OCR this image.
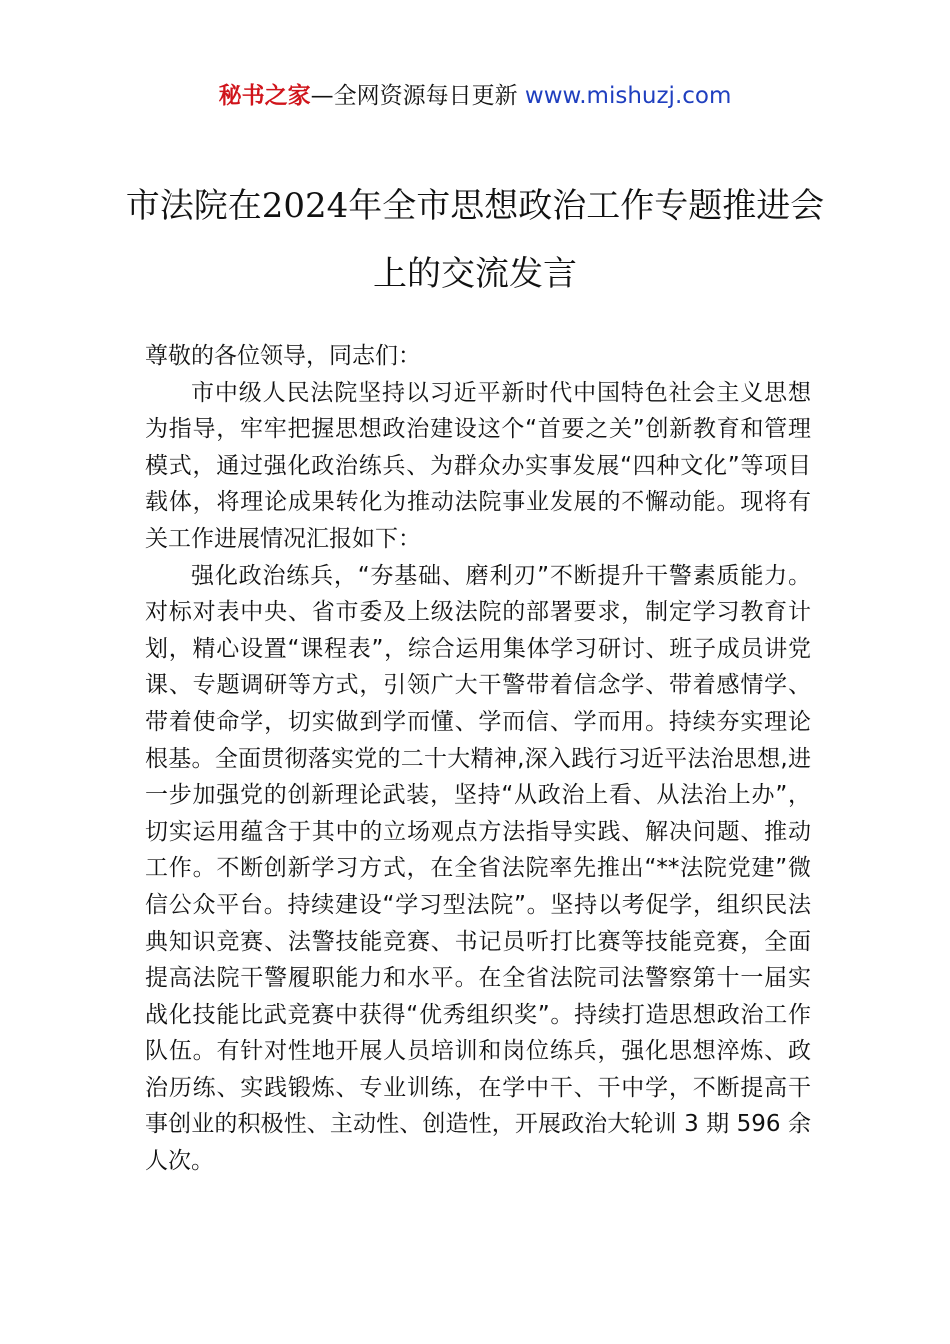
秘书之家—全网资源每日更新 www.mishuzj.com
市法院在2024年全市思想政治工作专题推进会上的交流发言

尊敬的各位领导，同志们：

市中级人民法院坚持以习近平新时代中国特色社会主义思想为指导，牢牢把握思想政治建设这个“首要之关”创新教育和管理模式，通过强化政治练兵、为群众办实事发展“四种文化”等项目载体，将理论成果转化为推动法院事业发展的不懈动能。现将有关工作进展情况汇报如下：

强化政治练兵，“夯基础、磨利刃”不断提升干警素质能力。对标对表中央、省市委及上级法院的部署要求，制定学习教育计划，精心设置“课程表”，综合运用集体学习研讨、班子成员讲党课、专题调研等方式，引领广大干警带着信念学、带着感情学、带着使命学，切实做到学而懂、学而信、学而用。持续夯实理论根基。全面贯彻落实党的二十大精神,深入践行习近平法治思想,进一步加强党的创新理论武装，坚持“从政治上看、从法治上办”，切实运用蕴含于其中的立场观点方法指导实践、解决问题、推动工作。不断创新学习方式，在全省法院率先推出“**法院党建”微信公众平台。持续建设“学习型法院”。坚持以考促学，组织民法典知识竞赛、法警技能竞赛、书记员听打比赛等技能竞赛，全面提高法院干警履职能力和水平。在全省法院司法警察第十一届实战化技能比武竞赛中获得“优秀组织奖”。持续打造思想政治工作队伍。有针对性地开展人员培训和岗位练兵，强化思想淬炼、政治历练、实践锻炼、专业训练，在学中干、干中学，不断提高干事创业的积极性、主动性、创造性，开展政治大轮训 3 期 596 余人次。
